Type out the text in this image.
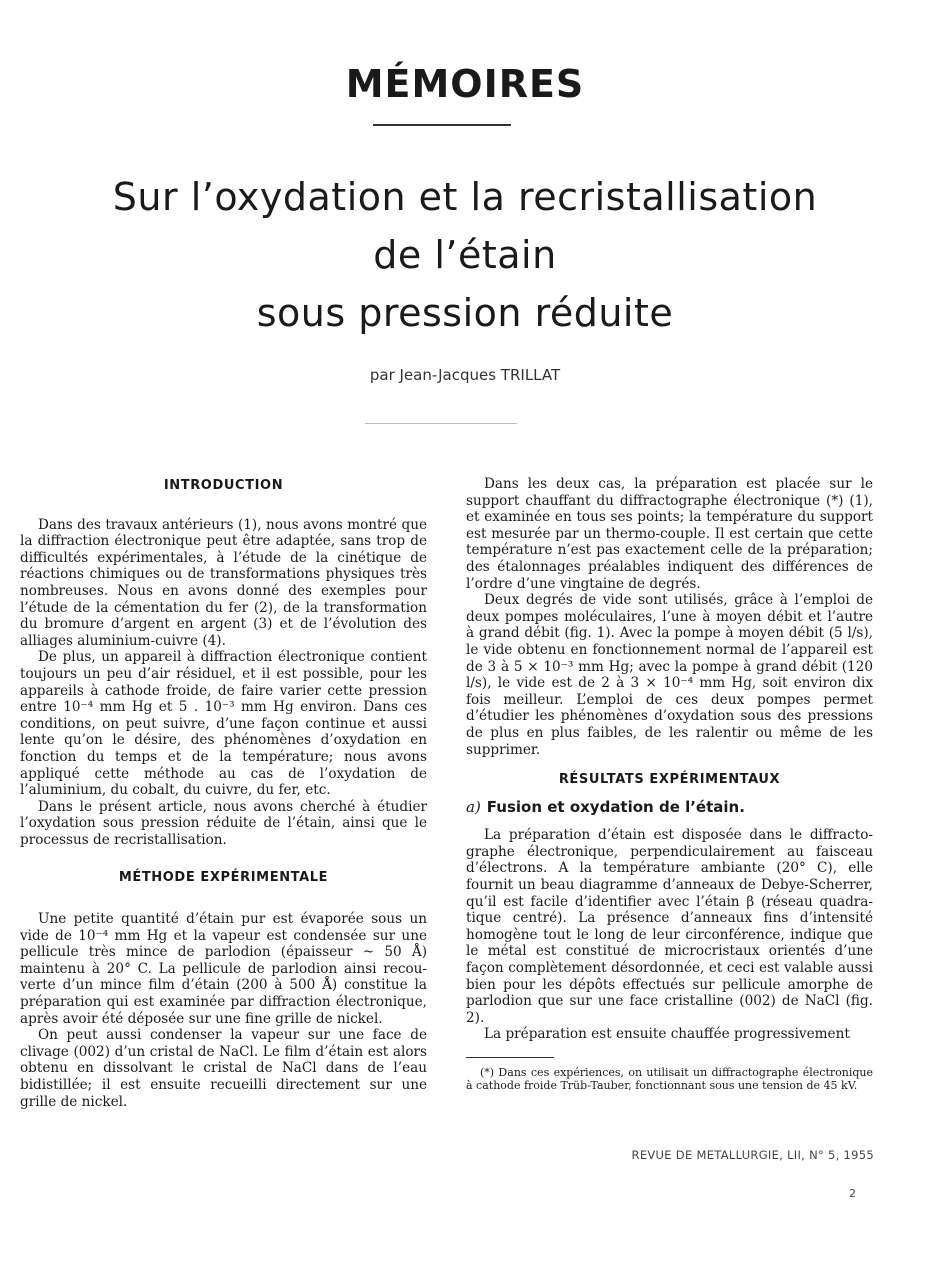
MÉMOIRES
Sur l’oxydation et la recristallisation
de l’étain
sous pression réduite
par Jean-Jacques TRILLAT
INTRODUCTION

Dans des travaux antérieurs (1), nous avons montré que la diffraction électronique peut être adaptée, sans trop de difficultés expérimentales, à l’étude de la cinétique de réactions chimiques ou de transformations physiques très nombreuses. Nous en avons donné des exemples pour l’étude de la cémentation du fer (2), de la transformation du bromure d’argent en argent (3) et de l’évolution des alliages aluminium-cuivre (4).

De plus, un appareil à diffraction électronique contient toujours un peu d’air résiduel, et il est possible, pour les appareils à cathode froide, de faire varier cette pression entre 10⁻⁴ mm Hg et 5 . 10⁻³ mm Hg environ. Dans ces conditions, on peut suivre, d’une façon continue et aussi lente qu’on le désire, des phénomènes d’oxydation en fonction du temps et de la température; nous avons appliqué cette méthode au cas de l’oxydation de l’aluminium, du cobalt, du cuivre, du fer, etc.

Dans le présent article, nous avons cherché à étudier l’oxydation sous pression réduite de l’étain, ainsi que le processus de recristallisation.

MÉTHODE EXPÉRIMENTALE

Une petite quantité d’étain pur est évaporée sous un vide de 10⁻⁴ mm Hg et la vapeur est condensée sur une pellicule très mince de parlodion (épaisseur ~ 50 Å) maintenu à 20° C. La pellicule de parlodion ainsi recouverte d’un mince film d’étain (200 à 500 Å) constitue la préparation qui est examinée par diffraction électronique, après avoir été déposée sur une fine grille de nickel.

On peut aussi condenser la vapeur sur une face de clivage (002) d’un cristal de NaCl. Le film d’étain est alors obtenu en dissolvant le cristal de NaCl dans de l’eau bidistillée; il est ensuite recueilli directement sur une grille de nickel.

Dans les deux cas, la préparation est placée sur le support chauffant du diffractographe électronique (*) (1), et examinée en tous ses points; la température du support est mesurée par un thermo-couple. Il est certain que cette température n’est pas exactement celle de la préparation; des étalonnages préalables indiquent des différences de l’ordre d’une vingtaine de degrés.

Deux degrés de vide sont utilisés, grâce à l’emploi de deux pompes moléculaires, l’une à moyen débit et l’autre à grand débit (fig. 1). Avec la pompe à moyen débit (5 l/s), le vide obtenu en fonctionnement normal de l’appareil est de 3 à 5 × 10⁻³ mm Hg; avec la pompe à grand débit (120 l/s), le vide est de 2 à 3 × 10⁻⁴ mm Hg, soit environ dix fois meilleur. L’emploi de ces deux pompes permet d’étudier les phénomènes d’oxydation sous des pressions de plus en plus faibles, de les ralentir ou même de les supprimer.

RÉSULTATS EXPÉRIMENTAUX
a) Fusion et oxydation de l’étain.

La préparation d’étain est disposée dans le diffractographe électronique, perpendiculairement au faisceau d’électrons. A la température ambiante (20° C), elle fournit un beau diagramme d’anneaux de Debye-Scherrer, qu’il est facile d’identifier avec l’étain β (réseau quadratique centré). La présence d’anneaux fins d’intensité homogène tout le long de leur circonférence, indique que le métal est constitué de microcristaux orientés d’une façon complètement désordonnée, et ceci est valable aussi bien pour les dépôts effectués sur pellicule amorphe de parlodion que sur une face cristalline (002) de NaCl (fig. 2).

La préparation est ensuite chauffée progressivement

(*) Dans ces expériences, on utilisait un diffractographe électronique à cathode froide Trüb-Tauber, fonctionnant sous une tension de 45 kV.
REVUE DE METALLURGIE, LII, N° 5, 1955
2
